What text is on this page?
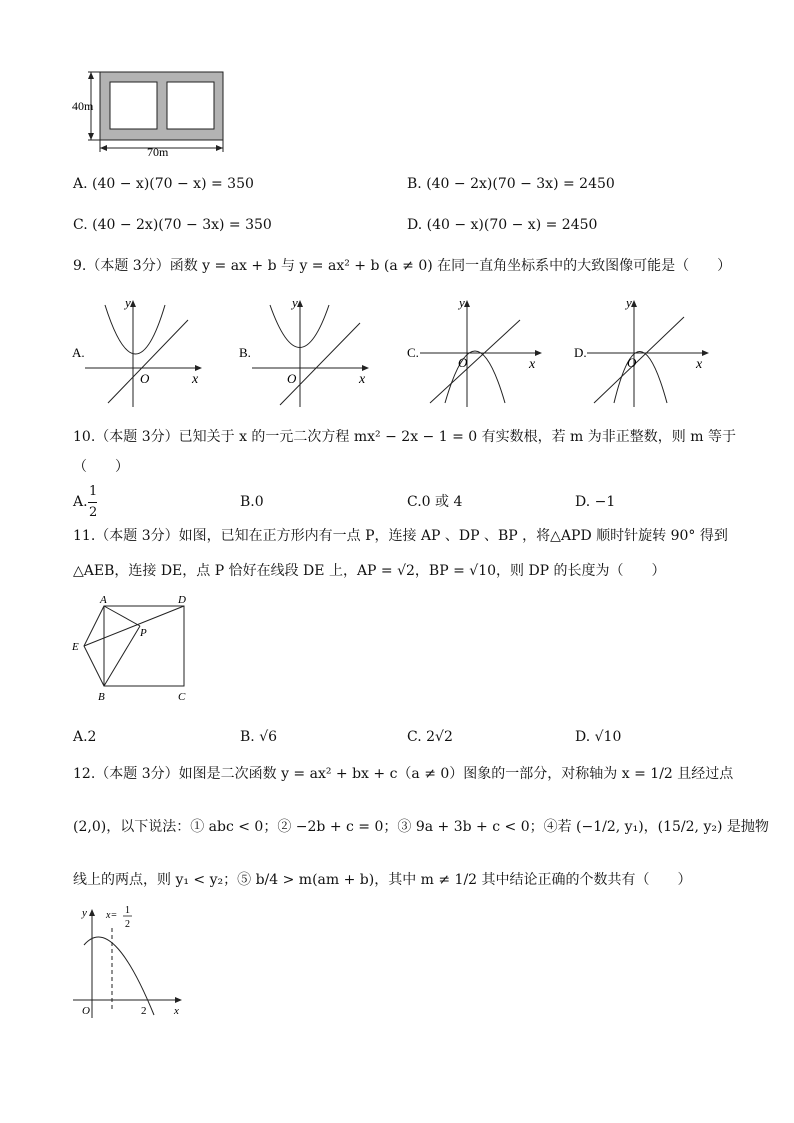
40m
70m
A. (40 − x)(70 − x) = 350	B. (40 − 2x)(70 − 3x) = 2450
C. (40 − 2x)(70 − 3x) = 350	D. (40 − x)(70 − x) = 2450
9.（本题 3分）函数 y = ax + b 与 y = ax² + b (a ≠ 0) 在同一直角坐标系中的大致图像可能是（　　）
A.
y
x
O
B.
y
x
O
C.
y
x
O
D.
y
x
O
10.（本题 3分）已知关于 x 的一元二次方程 mx² − 2x − 1 = 0 有实数根，若 m 为非正整数，则 m 等于
（　　）
A.
1
2
B.0	C.0 或 4	D. −1
11.（本题 3分）如图，已知在正方形内有一点 P，连接 AP 、DP 、BP ，将△APD 顺时针旋转 90° 得到
△AEB，连接 DE，点 P 恰好在线段 DE 上，AP = √2，BP = √10，则 DP 的长度为（　　）
A	D
E
P
B	C
A.2	B. √6	C. 2√2	D. √10
12.（本题 3分）如图是二次函数 y = ax² + bx + c（a ≠ 0）图象的一部分，对称轴为 x = 1/2 且经过点
(2,0)，以下说法：① abc < 0；② −2b + c = 0；③ 9a + 3b + c < 0；④若 (−1/2, y₁)，(15/2, y₂) 是抛物
线上的两点，则 y₁ < y₂；⑤ b/4 > m(am + b)，其中 m ≠ 1/2 其中结论正确的个数共有（　　）
y
x
O	2
x= 1
2
